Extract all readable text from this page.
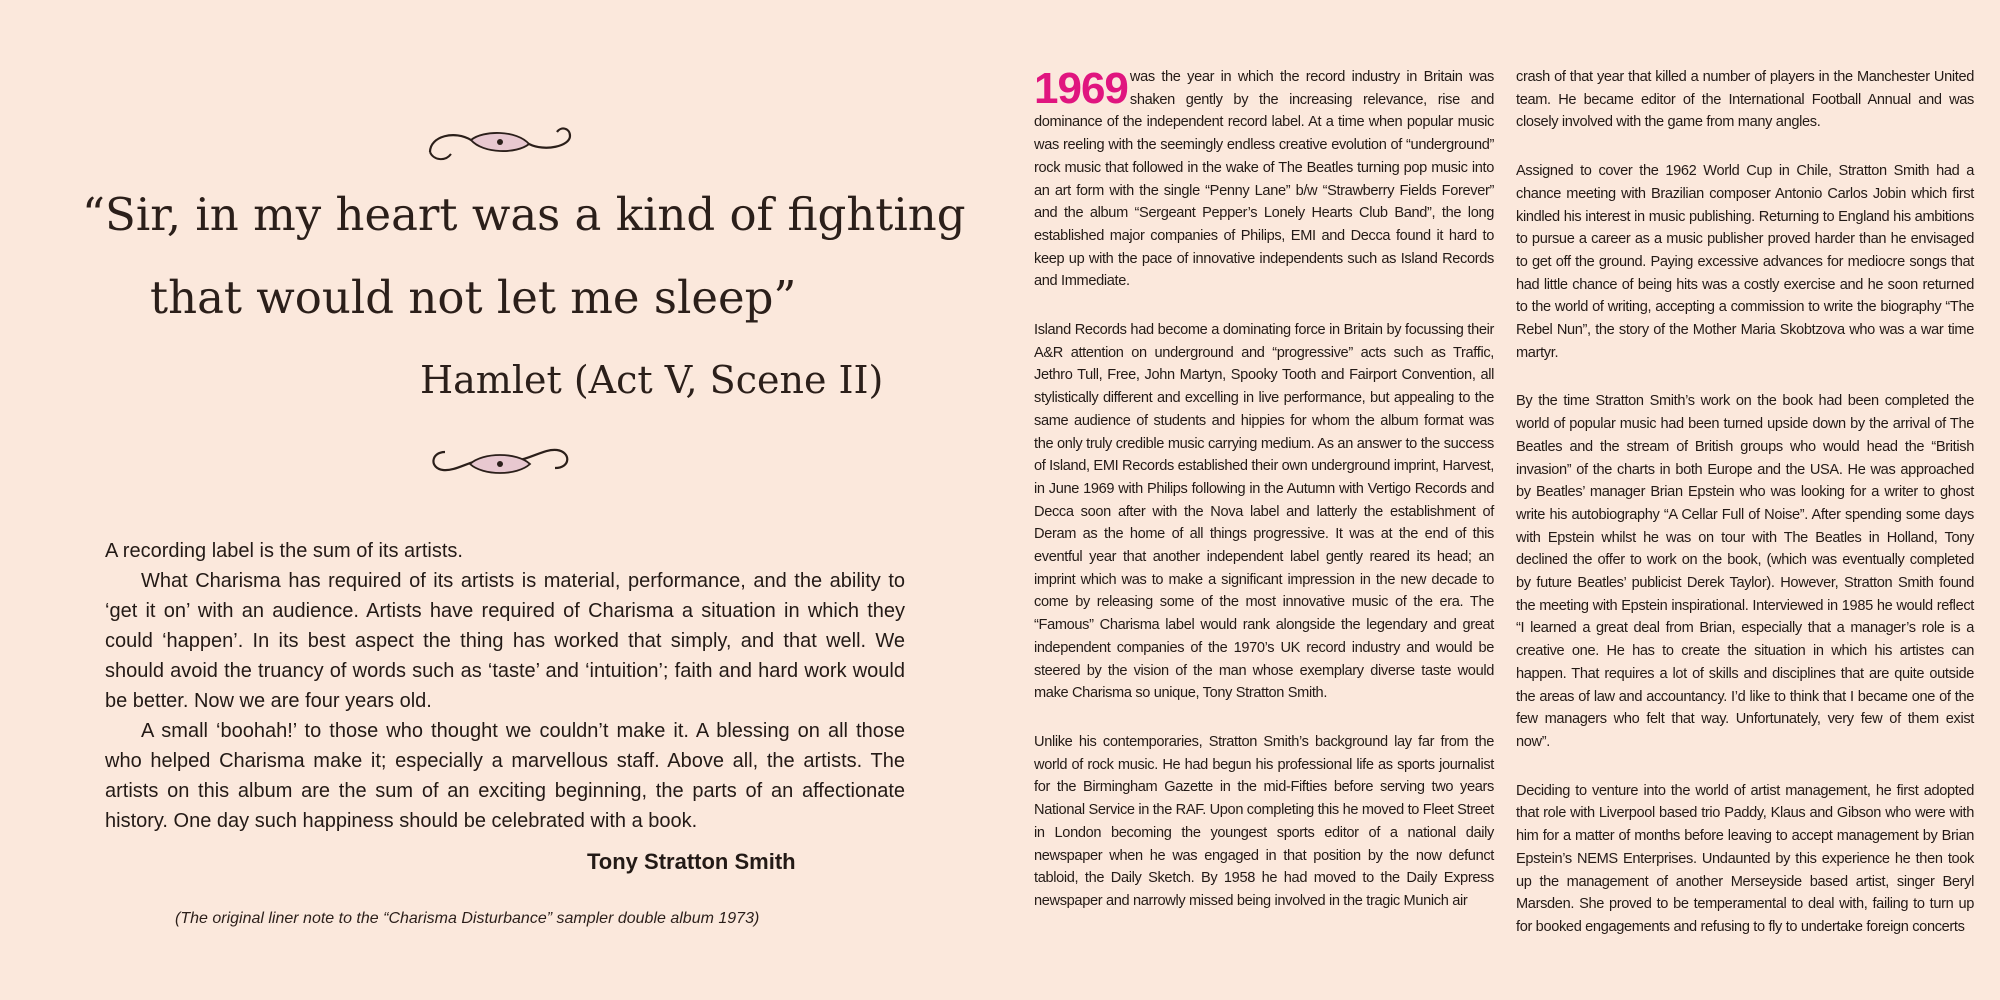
“Sir, in my heart was a kind of fighting
that would not let me sleep”
Hamlet (Act V, Scene II)

A recording label is the sum of its artists.

What Charisma has required of its artists is material, performance, and the ability to ‘get it on’ with an audience. Artists have required of Charisma a situation in which they could ‘happen’. In its best aspect the thing has worked that simply, and that well. We should avoid the truancy of words such as ‘taste’ and ‘intuition’; faith and hard work would be better. Now we are four years old.

A small ‘boohah!’ to those who thought we couldn’t make it. A blessing on all those who helped Charisma make it; especially a marvellous staff. Above all, the artists. The artists on this album are the sum of an exciting beginning, the parts of an affectionate history. One day such happiness should be celebrated with a book.

Tony Stratton Smith
(The original liner note to the “Charisma Disturbance” sampler double album 1973)

1969 was the year in which the record industry in Britain was shaken gently by the increasing relevance, rise and dominance of the independent record label. At a time when popular music was reeling with the seemingly endless creative evolution of “underground” rock music that followed in the wake of The Beatles turning pop music into an art form with the single “Penny Lane” b/w “Strawberry Fields Forever” and the album “Sergeant Pepper’s Lonely Hearts Club Band”, the long established major companies of Philips, EMI and Decca found it hard to keep up with the pace of innovative independents such as Island Records and Immediate.

Island Records had become a dominating force in Britain by focussing their A&R attention on underground and “progressive” acts such as Traffic, Jethro Tull, Free, John Martyn, Spooky Tooth and Fairport Convention, all stylistically different and excelling in live performance, but appealing to the same audience of students and hippies for whom the album format was the only truly credible music carrying medium. As an answer to the success of Island, EMI Records established their own underground imprint, Harvest, in June 1969 with Philips following in the Autumn with Vertigo Records and Decca soon after with the Nova label and latterly the establishment of Deram as the home of all things progressive. It was at the end of this eventful year that another independent label gently reared its head; an imprint which was to make a significant impression in the new decade to come by releasing some of the most innovative music of the era. The “Famous” Charisma label would rank alongside the legendary and great independent companies of the 1970’s UK record industry and would be steered by the vision of the man whose exemplary diverse taste would make Charisma so unique, Tony Stratton Smith.

Unlike his contemporaries, Stratton Smith’s background lay far from the world of rock music. He had begun his professional life as sports journalist for the Birmingham Gazette in the mid-Fifties before serving two years National Service in the RAF. Upon completing this he moved to Fleet Street in London becoming the youngest sports editor of a national daily newspaper when he was engaged in that position by the now defunct tabloid, the Daily Sketch. By 1958 he had moved to the Daily Express newspaper and narrowly missed being involved in the tragic Munich air

crash of that year that killed a number of players in the Manchester United team. He became editor of the International Football Annual and was closely involved with the game from many angles.

Assigned to cover the 1962 World Cup in Chile, Stratton Smith had a chance meeting with Brazilian composer Antonio Carlos Jobin which first kindled his interest in music publishing. Returning to England his ambitions to pursue a career as a music publisher proved harder than he envisaged to get off the ground. Paying excessive advances for mediocre songs that had little chance of being hits was a costly exercise and he soon returned to the world of writing, accepting a commission to write the biography “The Rebel Nun”, the story of the Mother Maria Skobtzova who was a war time martyr.

By the time Stratton Smith’s work on the book had been completed the world of popular music had been turned upside down by the arrival of The Beatles and the stream of British groups who would head the “British invasion” of the charts in both Europe and the USA. He was approached by Beatles’ manager Brian Epstein who was looking for a writer to ghost write his autobiography “A Cellar Full of Noise”. After spending some days with Epstein whilst he was on tour with The Beatles in Holland, Tony declined the offer to work on the book, (which was eventually completed by future Beatles’ publicist Derek Taylor). However, Stratton Smith found the meeting with Epstein inspirational. Interviewed in 1985 he would reflect “I learned a great deal from Brian, especially that a manager’s role is a creative one. He has to create the situation in which his artistes can happen. That requires a lot of skills and disciplines that are quite outside the areas of law and accountancy. I’d like to think that I became one of the few managers who felt that way. Unfortunately, very few of them exist now”.

Deciding to venture into the world of artist management, he first adopted that role with Liverpool based trio Paddy, Klaus and Gibson who were with him for a matter of months before leaving to accept management by Brian Epstein’s NEMS Enterprises. Undaunted by this experience he then took up the management of another Merseyside based artist, singer Beryl Marsden. She proved to be temperamental to deal with, failing to turn up for booked engagements and refusing to fly to undertake foreign concerts
